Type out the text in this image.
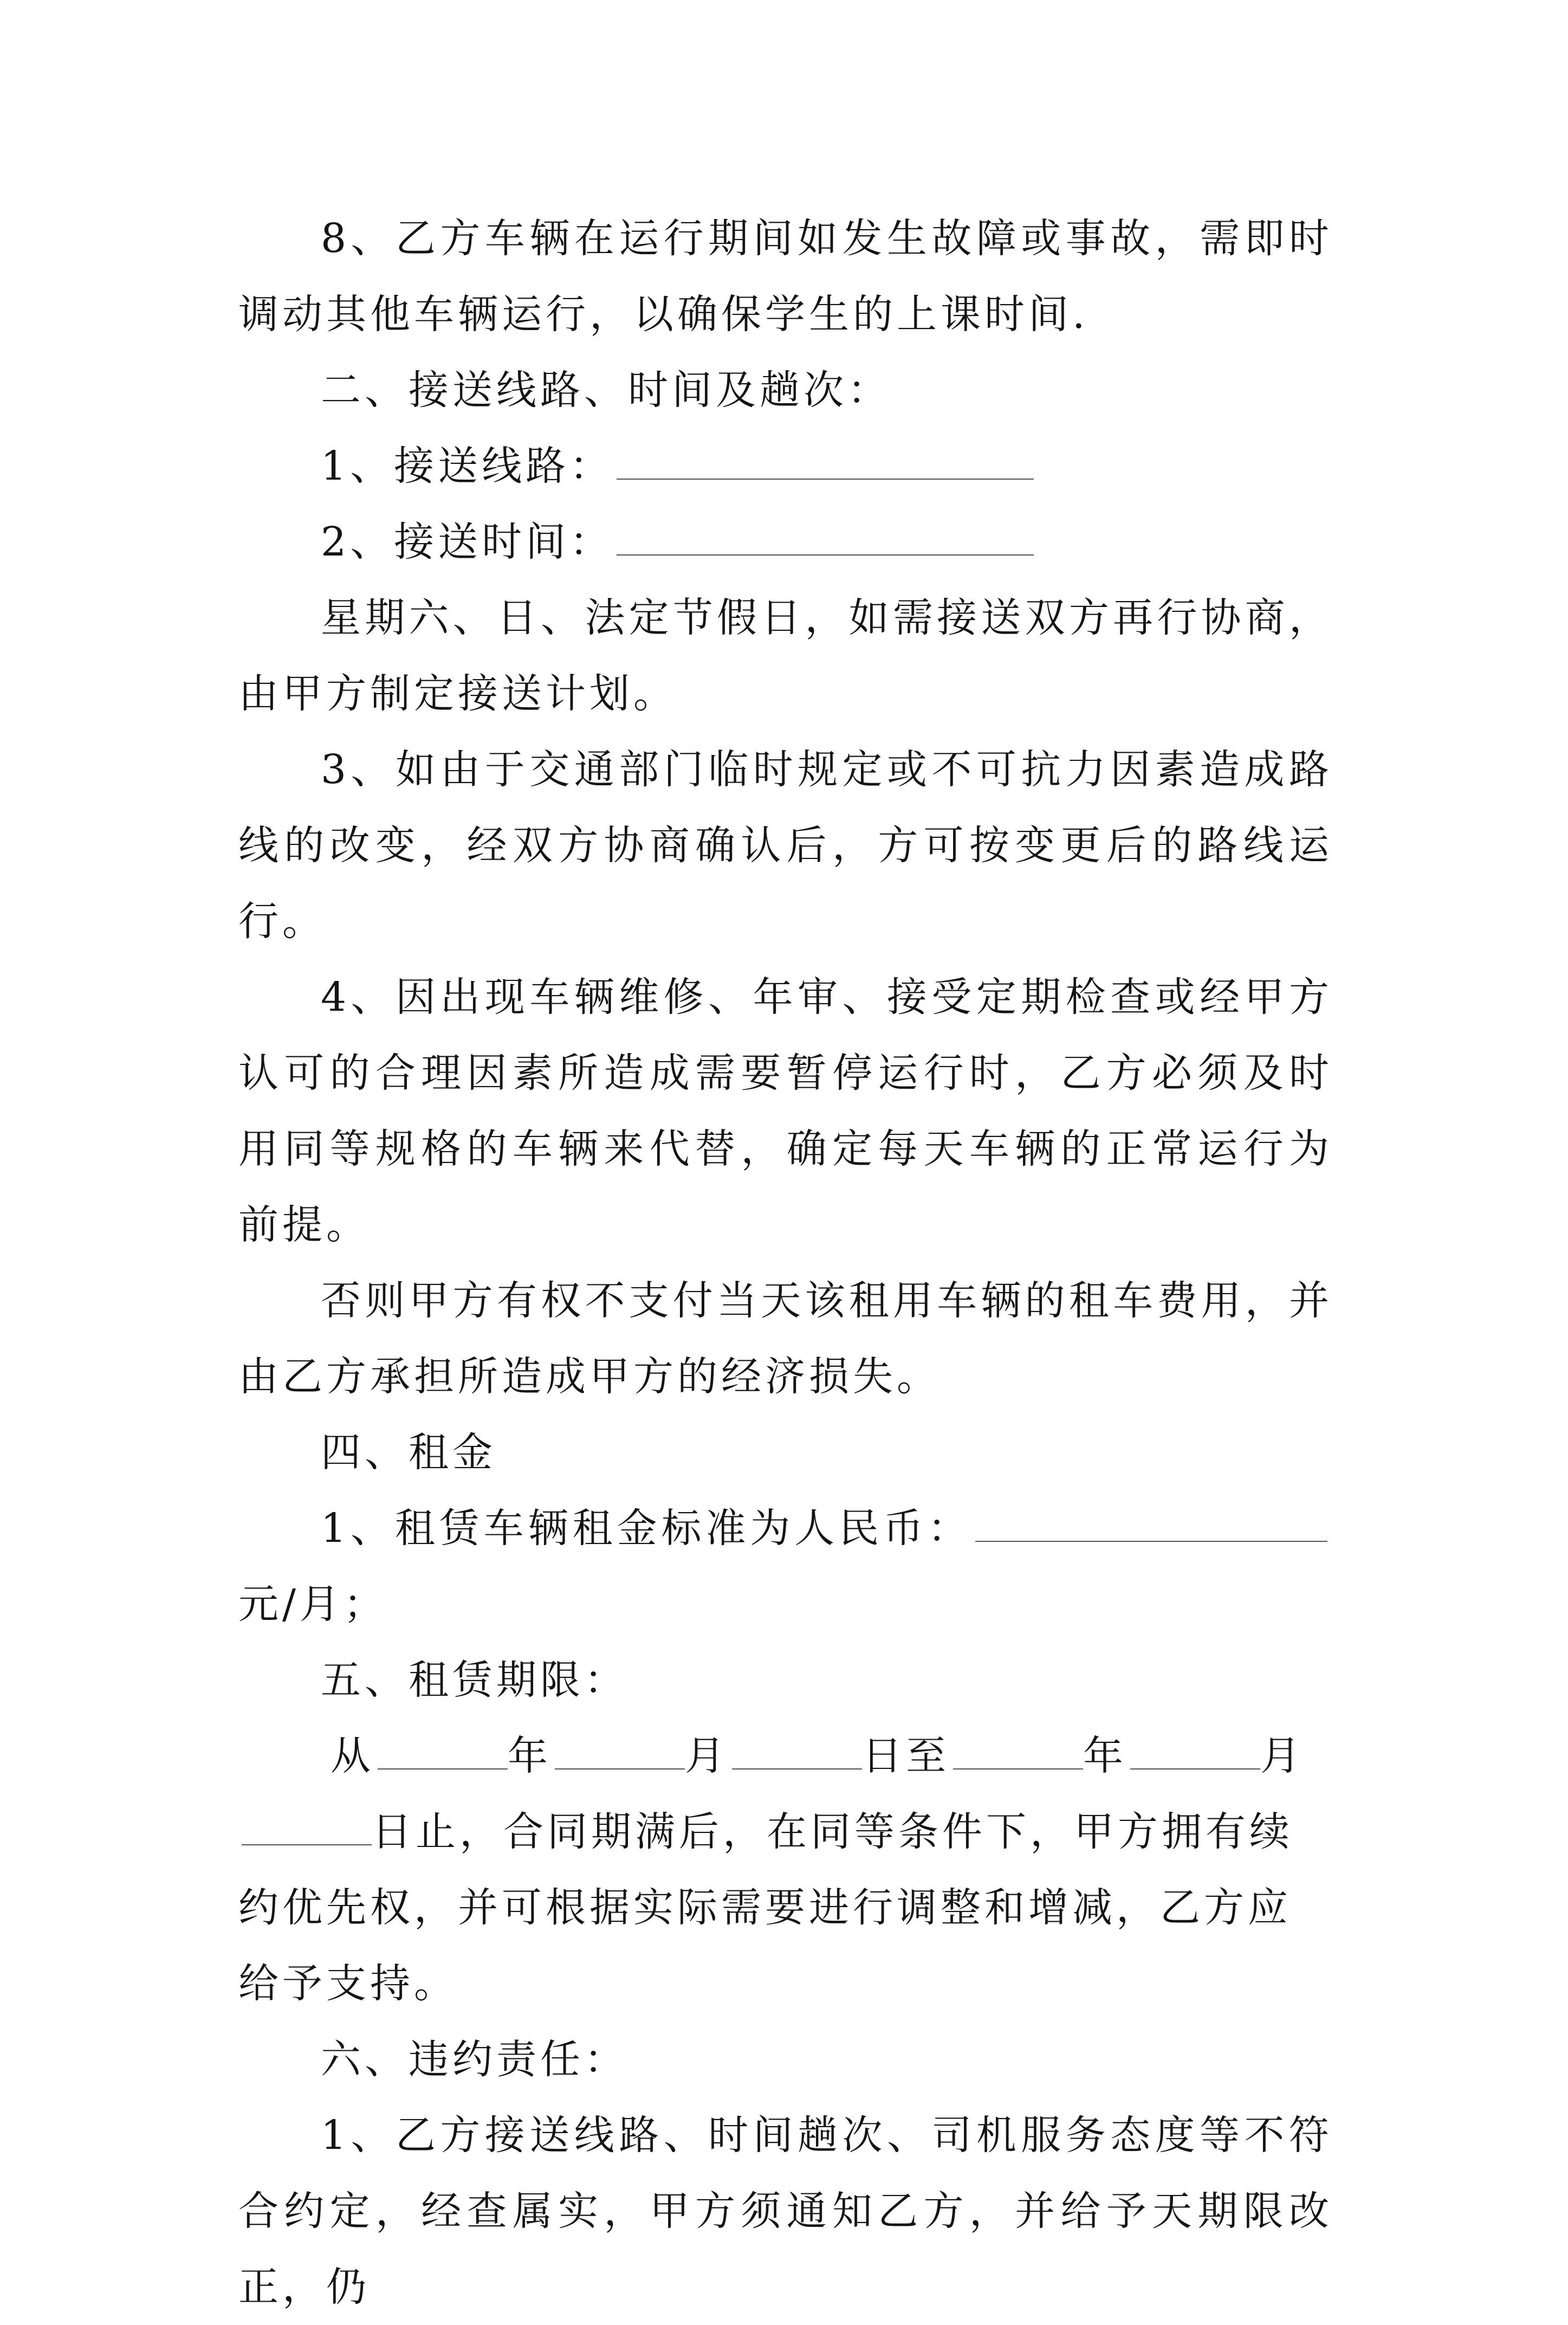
8、乙方车辆在运行期间如发生故障或事故，需即时调动其他车辆运行，以确保学生的上课时间.

二、接送线路、时间及趟次：

1、接送线路：

2、接送时间：

星期六、日、法定节假日，如需接送双方再行协商，由甲方制定接送计划。

3、如由于交通部门临时规定或不可抗力因素造成路线的改变，经双方协商确认后，方可按变更后的路线运行。

4、因出现车辆维修、年审、接受定期检查或经甲方认可的合理因素所造成需要暂停运行时，乙方必须及时用同等规格的车辆来代替，确定每天车辆的正常运行为前提。

否则甲方有权不支付当天该租用车辆的租车费用，并由乙方承担所造成甲方的经济损失。

四、租金

1、租赁车辆租金标准为人民币：元/月；

五、租赁期限：

从	年	月	日至	年	月日止，合同期满后，在同等条件下，甲方拥有续约优先权，并可根据实际需要进行调整和增减，乙方应给予支持。

六、违约责任：

1、乙方接送线路、时间趟次、司机服务态度等不符合约定，经查属实，甲方须通知乙方，并给予天期限改正，仍
